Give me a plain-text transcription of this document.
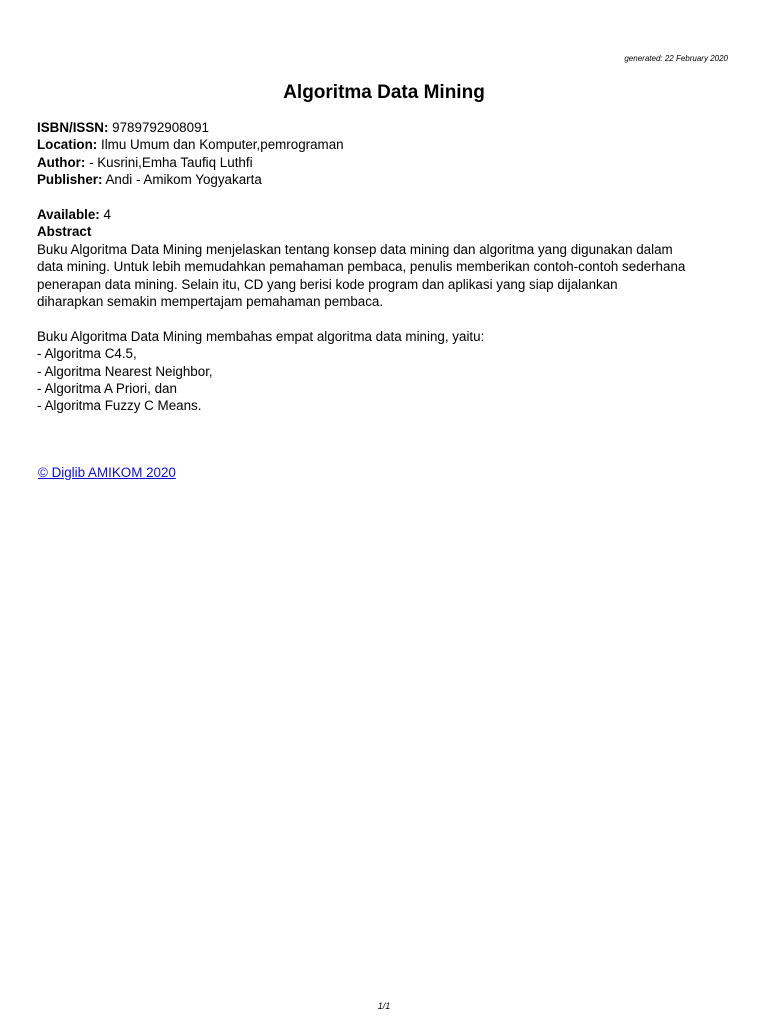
generated: 22 February 2020
Algoritma Data Mining
ISBN/ISSN: 9789792908091
Location: Ilmu Umum dan Komputer,pemrograman
Author: - Kusrini,Emha Taufiq Luthfi
Publisher: Andi - Amikom Yogyakarta
Available: 4
Abstract
Buku Algoritma Data Mining menjelaskan tentang konsep data mining dan algoritma yang digunakan dalam
data mining. Untuk lebih memudahkan pemahaman pembaca, penulis memberikan contoh-contoh sederhana
penerapan data mining. Selain itu, CD yang berisi kode program dan aplikasi yang siap dijalankan
diharapkan semakin mempertajam pemahaman pembaca.
Buku Algoritma Data Mining membahas empat algoritma data mining, yaitu:
- Algoritma C4.5,
- Algoritma Nearest Neighbor,
- Algoritma A Priori, dan
- Algoritma Fuzzy C Means.
© Diglib AMIKOM 2020
1/1
